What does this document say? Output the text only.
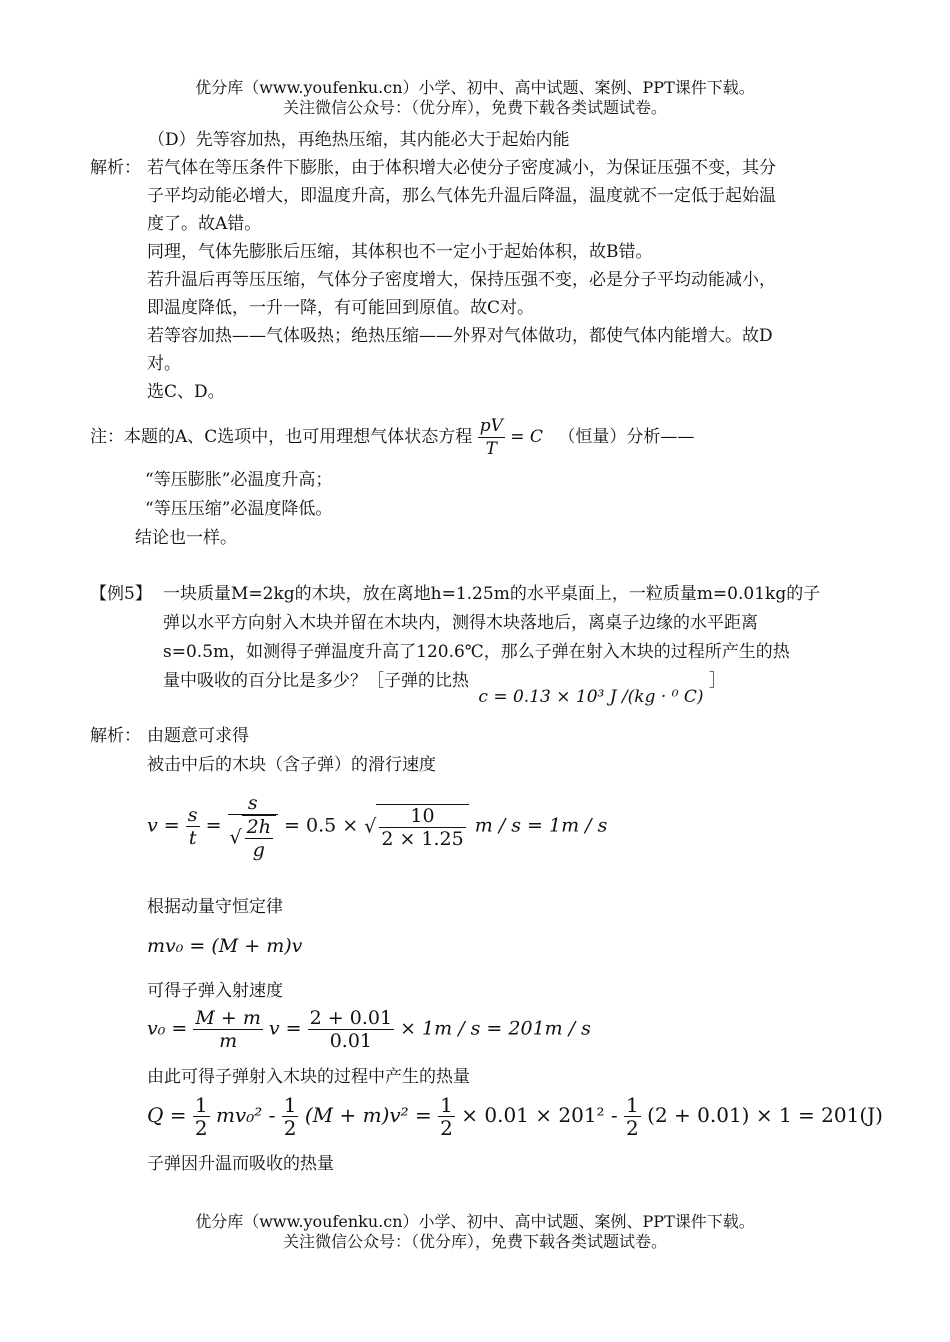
优分库（www.youfenku.cn）小学、初中、高中试题、案例、PPT课件下载。
关注微信公众号：（优分库），免费下载各类试题试卷。
（D）先等容加热，再绝热压缩，其内能必大于起始内能
解析： 若气体在等压条件下膨胀，由于体积增大必使分子密度减小，为保证压强不变，其分
子平均动能必增大，即温度升高，那么气体先升温后降温，温度就不一定低于起始温
度了。故A错。
同理，气体先膨胀后压缩，其体积也不一定小于起始体积，故B错。
若升温后再等压压缩，气体分子密度增大，保持压强不变，必是分子平均动能减小，
即温度降低，一升一降，有可能回到原值。故C对。
若等容加热——气体吸热；绝热压缩——外界对气体做功，都使气体内能增大。故D
对。
选C、D。
注：本题的A、C选项中，也可用理想气体状态方程 $\frac{pV}{T} = C$ （恒量）分析——
“等压膨胀”必温度升高；
“等压压缩”必温度降低。
结论也一样。
【例5】 一块质量M=2kg的木块，放在离地h=1.25m的水平桌面上，一粒质量m=0.01kg的子
弹以水平方向射入木块并留在木块内，测得木块落地后，离桌子边缘的水平距离
s=0.5m，如测得子弹温度升高了120.6℃，那么子弹在射入木块的过程所产生的热
量中吸收的百分比是多少？［子弹的比热 c = 0.13 × 10³ J /(kg · ⁰ C) ］
解析： 由题意可求得
被击中后的木块（含子弹）的滑行速度
$v = \frac{s}{t} = \frac{s}{√ \frac{2h}{g}} = 0.5$ × √ $\frac{10}{2 \times 1.25}$ m / s = 1m / s
根据动量守恒定律
mv₀ = (M + m)v
可得子弹入射速度
$v_0 = \frac{M + m}{m}$ $v = \frac{2 + 0.01}{0.01} \times 1m / s = 201m / s$
由此可得子弹射入木块的过程中产生的热量
$Q = \frac{1}{2} mv_0^2 - \frac{1}{2} (M + m)v^2 = \frac{1}{2} \times 0.01 \times 201^2 - \frac{1}{2} (2 + 0.01) \times 1 = 201(J)$
子弹因升温而吸收的热量
优分库（www.youfenku.cn）小学、初中、高中试题、案例、PPT课件下载。
关注微信公众号：（优分库），免费下载各类试题试卷。
